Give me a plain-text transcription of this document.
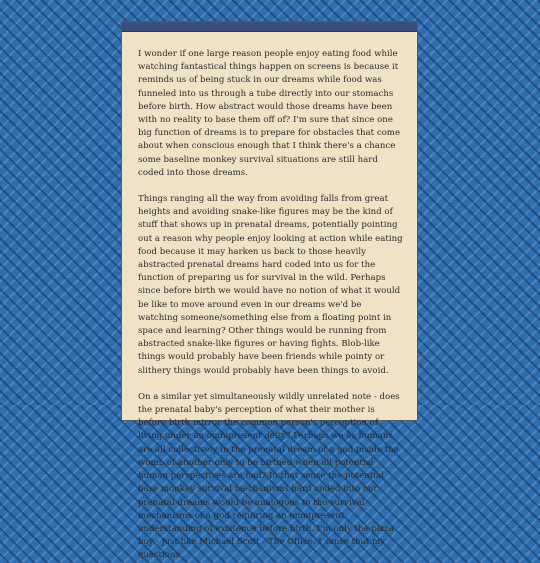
I wonder if one large reason people enjoy eating food while watching fantastical things happen on screens is because it reminds us of being stuck in our dreams while food was funneled into us through a tube directly into our stomachs before birth. How abstract would those dreams have been with no reality to base them off of? I'm sure that since one big function of dreams is to prepare for obstacles that come about when conscious enough that I think there's a chance some baseline monkey survival situations are still hard coded into those dreams.

Things ranging all the way from avoiding falls from great heights and avoiding snake-like figures may be the kind of stuff that shows up in prenatal dreams, potentially pointing out a reason why people enjoy looking at action while eating food because it may harken us back to those heavily abstracted prenatal dreams hard coded into us for the function of preparing us for survival in the wild. Perhaps since before birth we would have no notion of what it would be like to move around even in our dreams we'd be watching someone/something else from a floating point in space and learning? Other things would be running from abstracted snake-like figures or having fights. Blob-like things would probably have been friends while pointy or slithery things would probably have been things to avoid.

On a similar yet simultaneously wildly unrelated note - does the prenatal baby's perception of what their mother is before birth mirror the common person's perception of living under an omnipresent deity? Perhaps we as humans are all collectively in the prenatal dream of a god inside the womb of another only to be birthed when all potential human perspectives are had? In that sense the potential base monkey survival mechanisms hard coded into our prenatal dreams would be analogous to the survival mechanisms of a god requiring an omnipresent understanding of existence before birth. I'm only the pizza boy - just like Michael Scott - The Office. I sense that my questions
